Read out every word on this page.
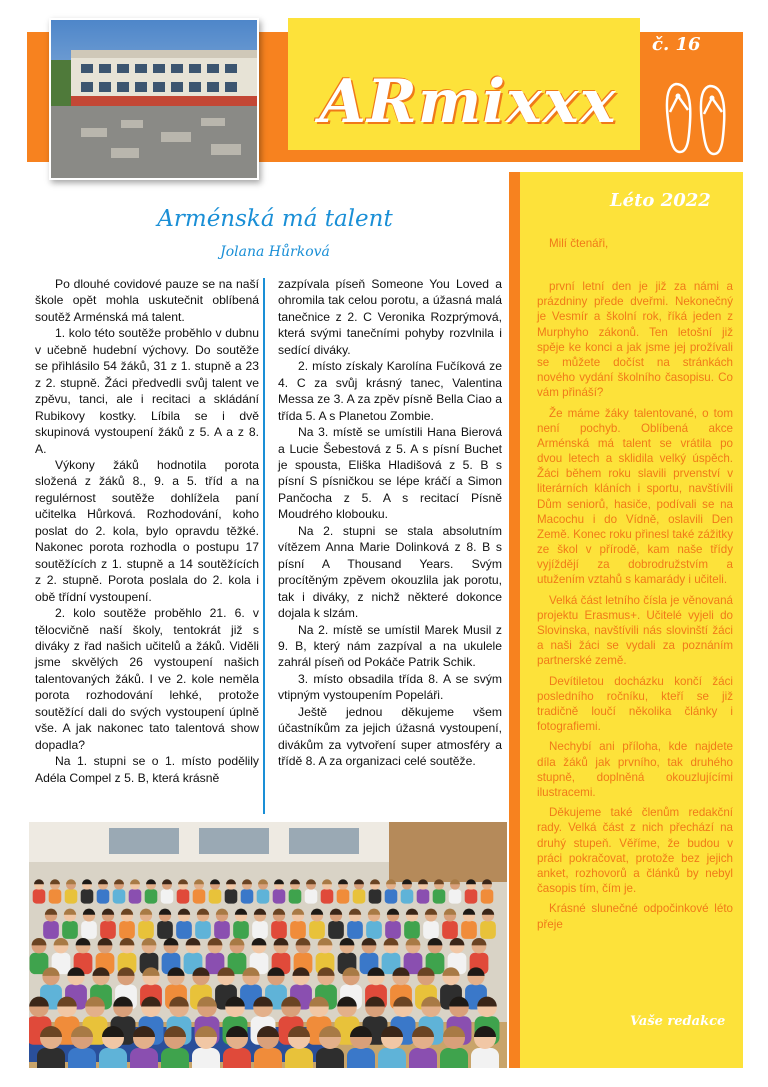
ARmixxx
č. 16
Léto 2022

Milí čtenáři,

první letní den je již za námi a prázdniny přede dveřmi. Nekonečný je Vesmír a školní rok, říká jeden z Murphyho zákonů. Ten letošní již spěje ke konci a jak jsme jej prožívali se můžete dočíst na stránkách nového vydání školního časopisu. Co vám přináší?

Že máme žáky talentované, o tom není pochyb. Oblíbená akce Arménská má talent se vrátila po dvou letech a sklidila velký úspěch. Žáci během roku slavili prvenství v literárních kláních i sportu, navštívili Dům seniorů, hasiče, podívali se na Macochu i do Vídně, oslavili Den Země. Konec roku přinesl také zážitky ze škol v přírodě, kam naše třídy vyjíždějí za dobrodružstvím a utužením vztahů s kamarády i učiteli.

Velká část letního čísla je věnovaná projektu Erasmus+. Učitelé vyjeli do Slovinska, navštívili nás slovinští žáci a naši žáci se vydali za poznáním partnerské země.

Devítiletou docházku končí žáci posledního ročníku, kteří se již tradičně loučí několika články i fotografiemi.

Nechybí ani příloha, kde najdete díla žáků jak prvního, tak druhého stupně, doplněná okouzlujícími ilustracemi.

Děkujeme také členům redakční rady. Velká část z nich přechází na druhý stupeň. Věříme, že budou v práci pokračovat, protože bez jejich anket, rozhovorů a článků by nebyl časopis tím, čím je.

Krásné slunečné odpočinkové léto přeje

Vaše redakce
Arménská má talent
Jolana Hůrková

Po dlouhé covidové pauze se na naší škole opět mohla uskutečnit oblíbená soutěž Arménská má talent.

1. kolo této soutěže proběhlo v dubnu v učebně hudební výchovy. Do soutěže se přihlásilo 54 žáků, 31 z 1. stupně a 23 z 2. stupně. Žáci předvedli svůj talent ve zpěvu, tanci, ale i recitaci a skládání Rubikovy kostky. Líbila se i dvě skupinová vystoupení žáků z 5. A a z 8. A.

Výkony žáků hodnotila porota složená z žáků 8., 9. a 5. tříd a na regulérnost soutěže dohlížela paní učitelka Hůrková. Rozhodování, koho poslat do 2. kola, bylo opravdu těžké. Nakonec porota rozhodla o postupu 17 soutěžících z 1. stupně a 14 soutěžících z 2. stupně. Porota poslala do 2. kola i obě třídní vystoupení.

2. kolo soutěže proběhlo 21. 6. v tělocvičně naší školy, tentokrát již s diváky z řad našich učitelů a žáků. Viděli jsme skvělých 26 vystoupení našich talentovaných žáků. I ve 2. kole neměla porota rozhodování lehké, protože soutěžící dali do svých vystoupení úplně vše. A jak nakonec tato talentová show dopadla?

Na 1. stupni se o 1. místo podělily Adéla Compel z 5. B, která krásně

zazpívala píseň Someone You Loved a ohromila tak celou porotu, a úžasná malá tanečnice z 2. C Veronika Rozprýmová, která svými tanečními pohyby rozvlnila i sedící diváky.

2. místo získaly Karolína Fučíková ze 4. C za svůj krásný tanec, Valentina Messa ze 3. A za zpěv písně Bella Ciao a třída 5. A s Planetou Zombie.

Na 3. místě se umístili Hana Bierová a Lucie Šebestová z 5. A s písní Buchet je spousta, Eliška Hladišová z 5. B s písní S písničkou se lépe kráčí a Simon Pančocha z 5. A s recitací Písně Moudrého klobouku.

Na 2. stupni se stala absolutním vítězem Anna Marie Dolinková z 8. B s písní A Thousand Years. Svým procítěným zpěvem okouzlila jak porotu, tak i diváky, z nichž některé dokonce dojala k slzám.

Na 2. místě se umístil Marek Musil z 9. B, který nám zazpíval a na ukulele zahrál píseň od Pokáče Patrik Schik.

3. místo obsadila třída 8. A se svým vtipným vystoupením Popeláři.

Ještě jednou děkujeme všem účastníkům za jejich úžasná vystoupení, divákům za vytvoření super atmosféry a třídě 8. A za organizaci celé soutěže.
